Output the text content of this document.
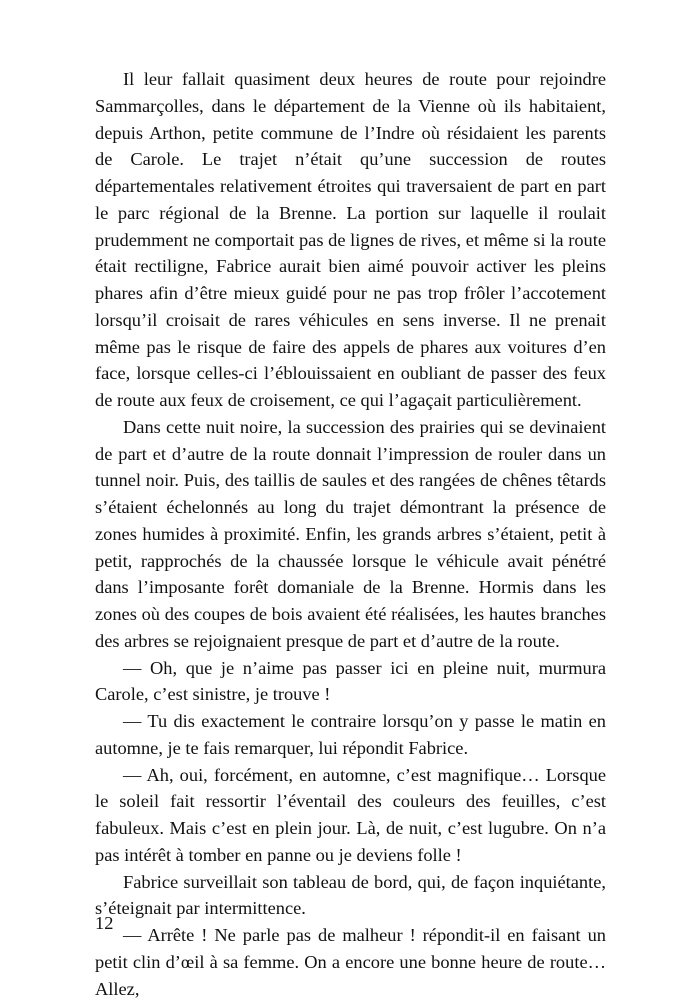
Il leur fallait quasiment deux heures de route pour rejoindre Sammarçolles, dans le département de la Vienne où ils habitaient, depuis Arthon, petite commune de l’Indre où résidaient les parents de Carole. Le trajet n’était qu’une succession de routes départementales relativement étroites qui traversaient de part en part le parc régional de la Brenne. La portion sur laquelle il roulait prudemment ne comportait pas de lignes de rives, et même si la route était rectiligne, Fabrice aurait bien aimé pouvoir activer les pleins phares afin d’être mieux guidé pour ne pas trop frôler l’accotement lorsqu’il croisait de rares véhicules en sens inverse. Il ne prenait même pas le risque de faire des appels de phares aux voitures d’en face, lorsque celles-ci l’éblouissaient en oubliant de passer des feux de route aux feux de croisement, ce qui l’agaçait particulièrement.

Dans cette nuit noire, la succession des prairies qui se devinaient de part et d’autre de la route donnait l’impression de rouler dans un tunnel noir. Puis, des taillis de saules et des rangées de chênes têtards s’étaient échelonnés au long du trajet démontrant la présence de zones humides à proximité. Enfin, les grands arbres s’étaient, petit à petit, rapprochés de la chaussée lorsque le véhicule avait pénétré dans l’imposante forêt domaniale de la Brenne. Hormis dans les zones où des coupes de bois avaient été réalisées, les hautes branches des arbres se rejoignaient presque de part et d’autre de la route.

— Oh, que je n’aime pas passer ici en pleine nuit, murmura Carole, c’est sinistre, je trouve !

— Tu dis exactement le contraire lorsqu’on y passe le matin en automne, je te fais remarquer, lui répondit Fabrice.

— Ah, oui, forcément, en automne, c’est magnifique… Lorsque le soleil fait ressortir l’éventail des couleurs des feuilles, c’est fabuleux. Mais c’est en plein jour. Là, de nuit, c’est lugubre. On n’a pas intérêt à tomber en panne ou je deviens folle !

Fabrice surveillait son tableau de bord, qui, de façon inquiétante, s’éteignait par intermittence.

— Arrête ! Ne parle pas de malheur ! répondit-il en faisant un petit clin d’œil à sa femme. On a encore une bonne heure de route… Allez,

12
